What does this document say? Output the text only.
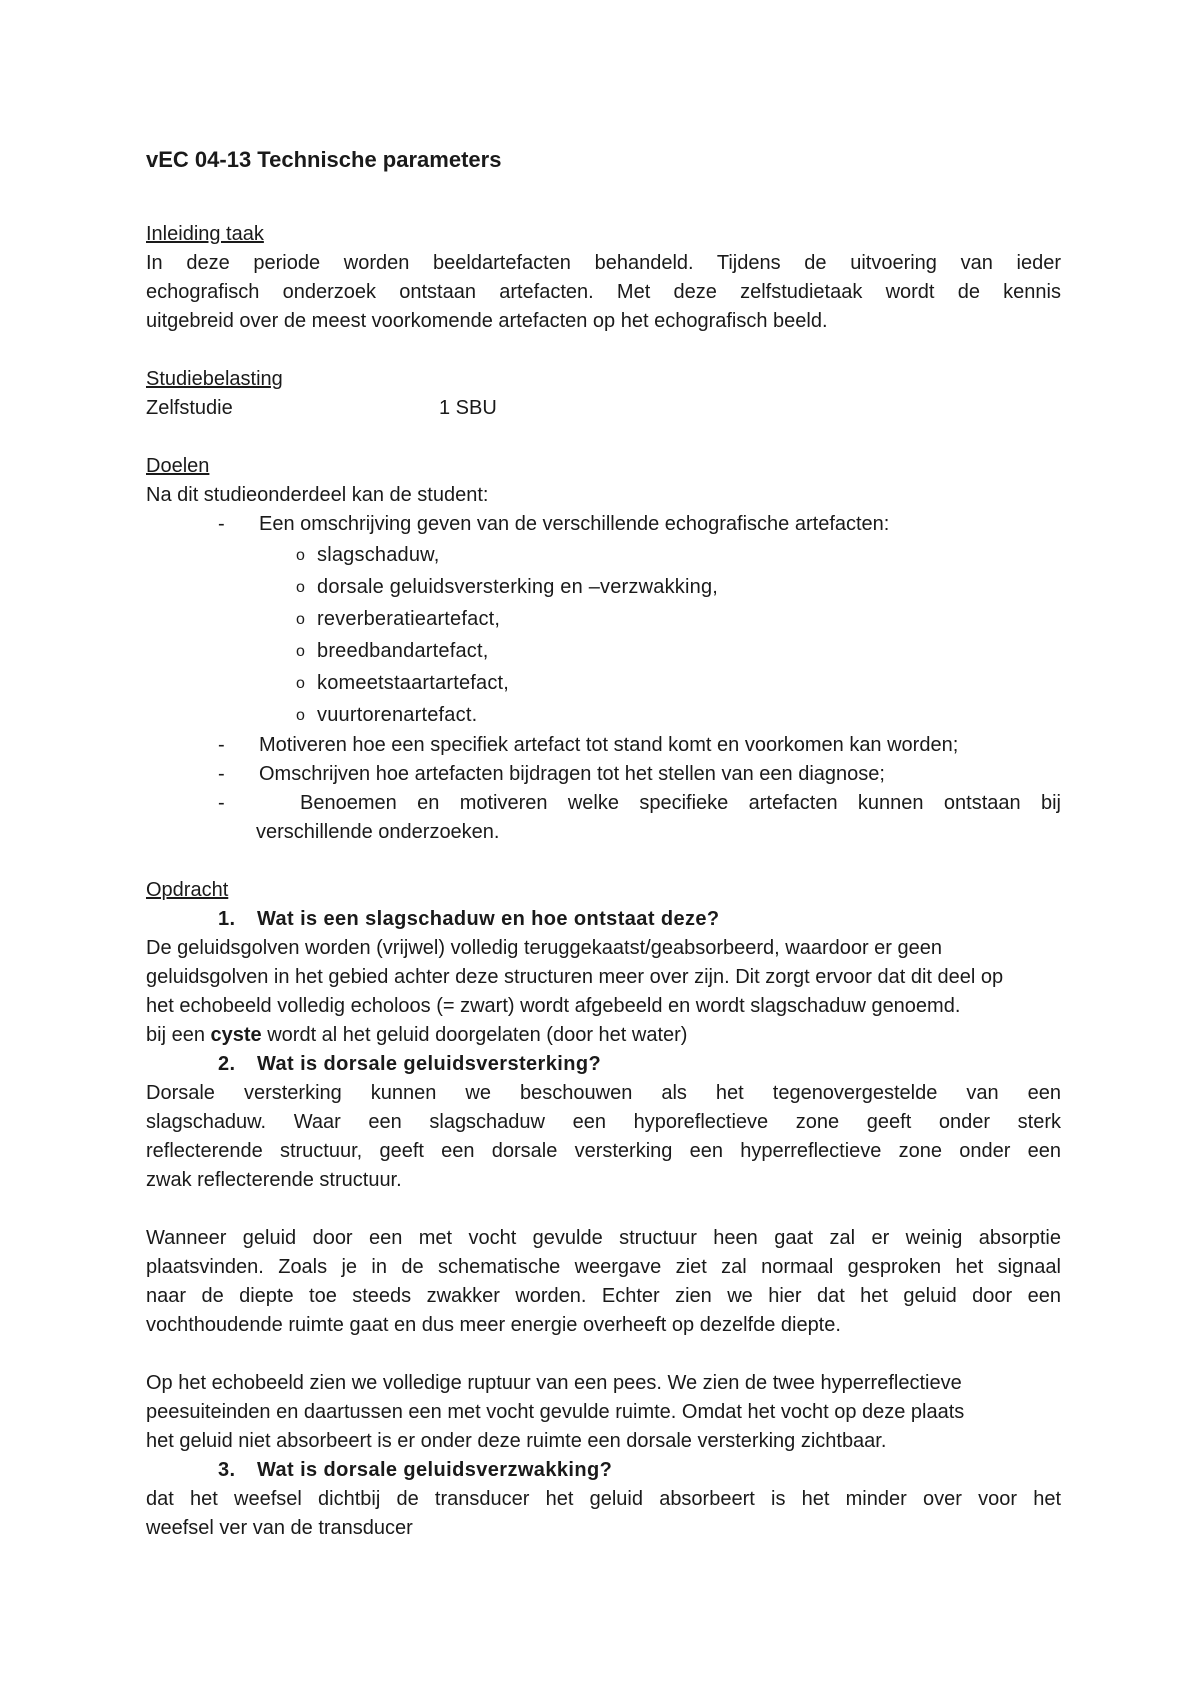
vEC 04-13 Technische parameters
Inleiding taak
In deze periode worden beeldartefacten behandeld. Tijdens de uitvoering van ieder
echografisch onderzoek ontstaan artefacten. Met deze zelfstudietaak wordt de kennis
uitgebreid over de meest voorkomende artefacten op het echografisch beeld.
Studiebelasting
Zelfstudie	1 SBU
Doelen
Na dit studieonderdeel kan de student:
- Een omschrijving geven van de verschillende echografische artefacten:
o slagschaduw,
o dorsale geluidsversterking en –verzwakking,
o reverberatieartefact,
o breedbandartefact,
o komeetstaartartefact,
o vuurtorenartefact.
- Motiveren hoe een specifiek artefact tot stand komt en voorkomen kan worden;
- Omschrijven hoe artefacten bijdragen tot het stellen van een diagnose;
-	Benoemen en motiveren welke specifieke artefacten kunnen ontstaan bij
verschillende onderzoeken.
Opdracht
1. Wat is een slagschaduw en hoe ontstaat deze?
De geluidsgolven worden (vrijwel) volledig teruggekaatst/geabsorbeerd, waardoor er geen
geluidsgolven in het gebied achter deze structuren meer over zijn. Dit zorgt ervoor dat dit deel op
het echobeeld volledig echoloos (= zwart) wordt afgebeeld en wordt slagschaduw genoemd.
bij een cyste wordt al het geluid doorgelaten (door het water)
2. Wat is dorsale geluidsversterking?
Dorsale versterking kunnen we beschouwen als het tegenovergestelde van een
slagschaduw. Waar een slagschaduw een hyporeflectieve zone geeft onder sterk
reflecterende structuur, geeft een dorsale versterking een hyperreflectieve zone onder een
zwak reflecterende structuur.
Wanneer geluid door een met vocht gevulde structuur heen gaat zal er weinig absorptie
plaatsvinden. Zoals je in de schematische weergave ziet zal normaal gesproken het signaal
naar de diepte toe steeds zwakker worden. Echter zien we hier dat het geluid door een
vochthoudende ruimte gaat en dus meer energie overheeft op dezelfde diepte.
Op het echobeeld zien we volledige ruptuur van een pees. We zien de twee hyperreflectieve
peesuiteinden en daartussen een met vocht gevulde ruimte. Omdat het vocht op deze plaats
het geluid niet absorbeert is er onder deze ruimte een dorsale versterking zichtbaar.
3. Wat is dorsale geluidsverzwakking?
dat het weefsel dichtbij de transducer het geluid absorbeert is het minder over voor het
weefsel ver van de transducer
